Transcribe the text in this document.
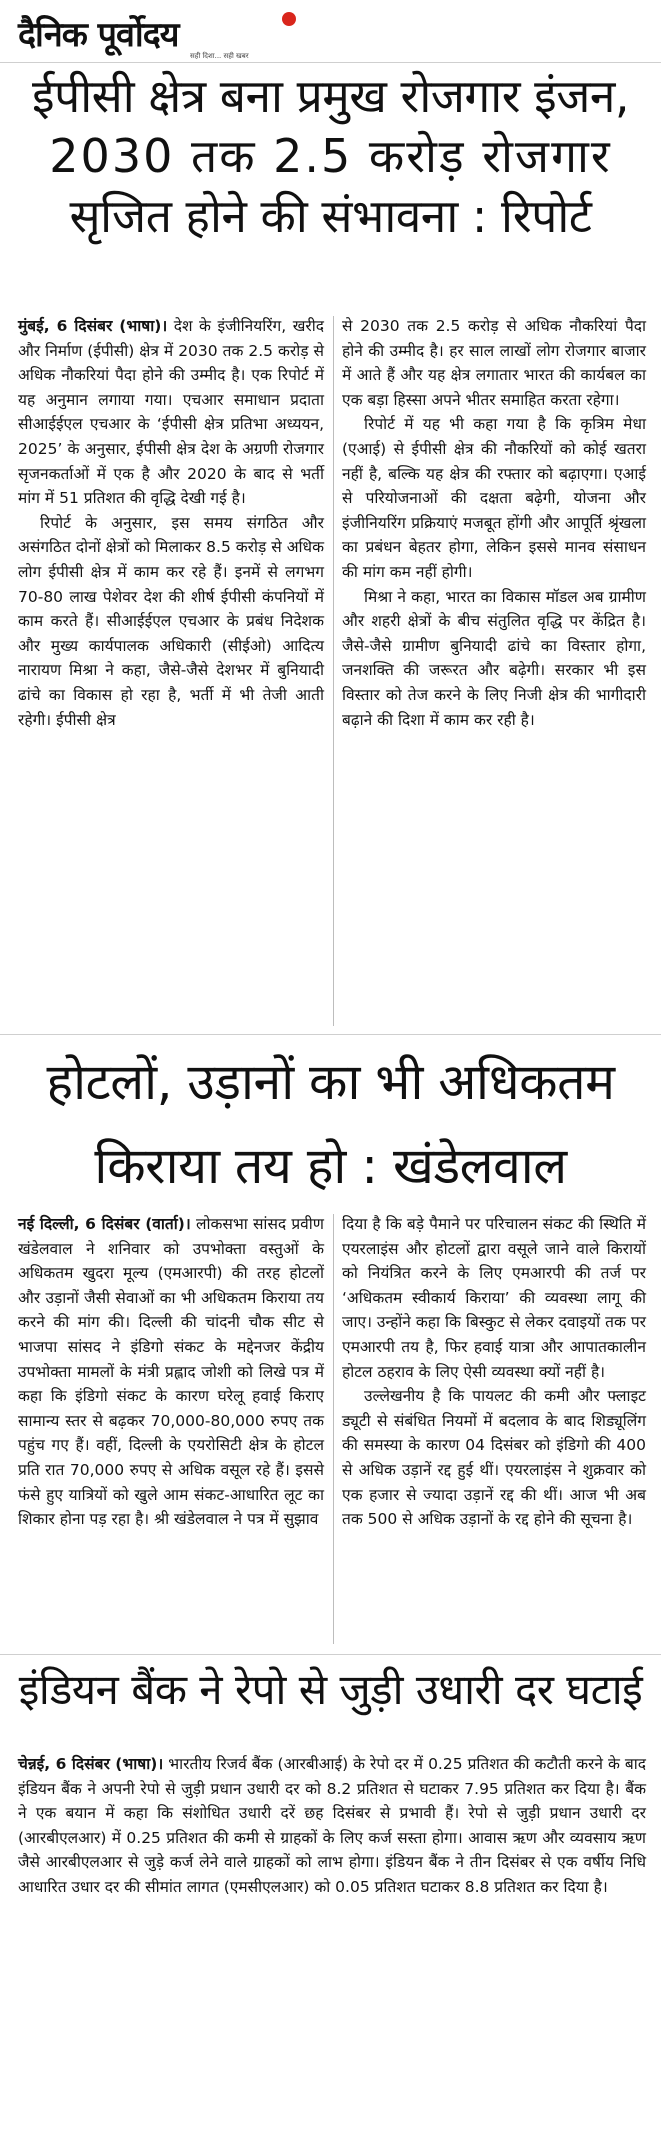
दैनिक पूर्वोदय
सही दिशा... सही खबर
ईपीसी क्षेत्र बना प्रमुख रोजगार इंजन,
2030 तक 2.5 करोड़ रोजगार
सृजित होने की संभावना : रिपोर्ट

मुंबई, 6 दिसंबर (भाषा)। देश के इंजीनियरिंग, खरीद और निर्माण (ईपीसी) क्षेत्र में 2030 तक 2.5 करोड़ से अधिक नौकरियां पैदा होने की उम्मीद है। एक रिपोर्ट में यह अनुमान लगाया गया। एचआर समाधान प्रदाता सीआईईएल एचआर के ‘ईपीसी क्षेत्र प्रतिभा अध्ययन, 2025’ के अनुसार, ईपीसी क्षेत्र देश के अग्रणी रोजगार सृजनकर्ताओं में एक है और 2020 के बाद से भर्ती मांग में 51 प्रतिशत की वृद्धि देखी गई है।

रिपोर्ट के अनुसार, इस समय संगठित और असंगठित दोनों क्षेत्रों को मिलाकर 8.5 करोड़ से अधिक लोग ईपीसी क्षेत्र में काम कर रहे हैं। इनमें से लगभग 70-80 लाख पेशेवर देश की शीर्ष ईपीसी कंपनियों में काम करते हैं। सीआईईएल एचआर के प्रबंध निदेशक और मुख्य कार्यपालक अधिकारी (सीईओ) आदित्य नारायण मिश्रा ने कहा, जैसे-जैसे देशभर में बुनियादी ढांचे का विकास हो रहा है, भर्ती में भी तेजी आती रहेगी। ईपीसी क्षेत्र

से 2030 तक 2.5 करोड़ से अधिक नौकरियां पैदा होने की उम्मीद है। हर साल लाखों लोग रोजगार बाजार में आते हैं और यह क्षेत्र लगातार भारत की कार्यबल का एक बड़ा हिस्सा अपने भीतर समाहित करता रहेगा।

रिपोर्ट में यह भी कहा गया है कि कृत्रिम मेधा (एआई) से ईपीसी क्षेत्र की नौकरियों को कोई खतरा नहीं है, बल्कि यह क्षेत्र की रफ्तार को बढ़ाएगा। एआई से परियोजनाओं की दक्षता बढ़ेगी, योजना और इंजीनियरिंग प्रक्रियाएं मजबूत होंगी और आपूर्ति श्रृंखला का प्रबंधन बेहतर होगा, लेकिन इससे मानव संसाधन की मांग कम नहीं होगी।

मिश्रा ने कहा, भारत का विकास मॉडल अब ग्रामीण और शहरी क्षेत्रों के बीच संतुलित वृद्धि पर केंद्रित है। जैसे-जैसे ग्रामीण बुनियादी ढांचे का विस्तार होगा, जनशक्ति की जरूरत और बढ़ेगी। सरकार भी इस विस्तार को तेज करने के लिए निजी क्षेत्र की भागीदारी बढ़ाने की दिशा में काम कर रही है।

होटलों, उड़ानों का भी अधिकतम
किराया तय हो : खंडेलवाल

नई दिल्ली, 6 दिसंबर (वार्ता)। लोकसभा सांसद प्रवीण खंडेलवाल ने शनिवार को उपभोक्ता वस्तुओं के अधिकतम खुदरा मूल्य (एमआरपी) की तरह होटलों और उड़ानों जैसी सेवाओं का भी अधिकतम किराया तय करने की मांग की। दिल्ली की चांदनी चौक सीट से भाजपा सांसद ने इंडिगो संकट के मद्देनजर केंद्रीय उपभोक्ता मामलों के मंत्री प्रह्लाद जोशी को लिखे पत्र में कहा कि इंडिगो संकट के कारण घरेलू हवाई किराए सामान्य स्तर से बढ़कर 70,000-80,000 रुपए तक पहुंच गए हैं। वहीं, दिल्ली के एयरोसिटी क्षेत्र के होटल प्रति रात 70,000 रुपए से अधिक वसूल रहे हैं। इससे फंसे हुए यात्रियों को खुले आम संकट-आधारित लूट का शिकार होना पड़ रहा है। श्री खंडेलवाल ने पत्र में सुझाव

दिया है कि बड़े पैमाने पर परिचालन संकट की स्थिति में एयरलाइंस और होटलों द्वारा वसूले जाने वाले किरायों को नियंत्रित करने के लिए एमआरपी की तर्ज पर ‘अधिकतम स्वीकार्य किराया’ की व्यवस्था लागू की जाए। उन्होंने कहा कि बिस्कुट से लेकर दवाइयों तक पर एमआरपी तय है, फिर हवाई यात्रा और आपातकालीन होटल ठहराव के लिए ऐसी व्यवस्था क्यों नहीं है।

उल्लेखनीय है कि पायलट की कमी और फ्लाइट ड्यूटी से संबंधित नियमों में बदलाव के बाद शिड्यूलिंग की समस्या के कारण 04 दिसंबर को इंडिगो की 400 से अधिक उड़ानें रद्द हुई थीं। एयरलाइंस ने शुक्रवार को एक हजार से ज्यादा उड़ानें रद्द की थीं। आज भी अब तक 500 से अधिक उड़ानों के रद्द होने की सूचना है।

इंडियन बैंक ने रेपो से जुड़ी उधारी दर घटाई

चेन्नई, 6 दिसंबर (भाषा)। भारतीय रिजर्व बैंक (आरबीआई) के रेपो दर में 0.25 प्रतिशत की कटौती करने के बाद इंडियन बैंक ने अपनी रेपो से जुड़ी प्रधान उधारी दर को 8.2 प्रतिशत से घटाकर 7.95 प्रतिशत कर दिया है। बैंक ने एक बयान में कहा कि संशोधित उधारी दरें छह दिसंबर से प्रभावी हैं। रेपो से जुड़ी प्रधान उधारी दर (आरबीएलआर) में 0.25 प्रतिशत की कमी से ग्राहकों के लिए कर्ज सस्ता होगा। आवास ऋण और व्यवसाय ऋण जैसे आरबीएलआर से जुड़े कर्ज लेने वाले ग्राहकों को लाभ होगा। इंडियन बैंक ने तीन दिसंबर से एक वर्षीय निधि आधारित उधार दर की सीमांत लागत (एमसीएलआर) को 0.05 प्रतिशत घटाकर 8.8 प्रतिशत कर दिया है।
